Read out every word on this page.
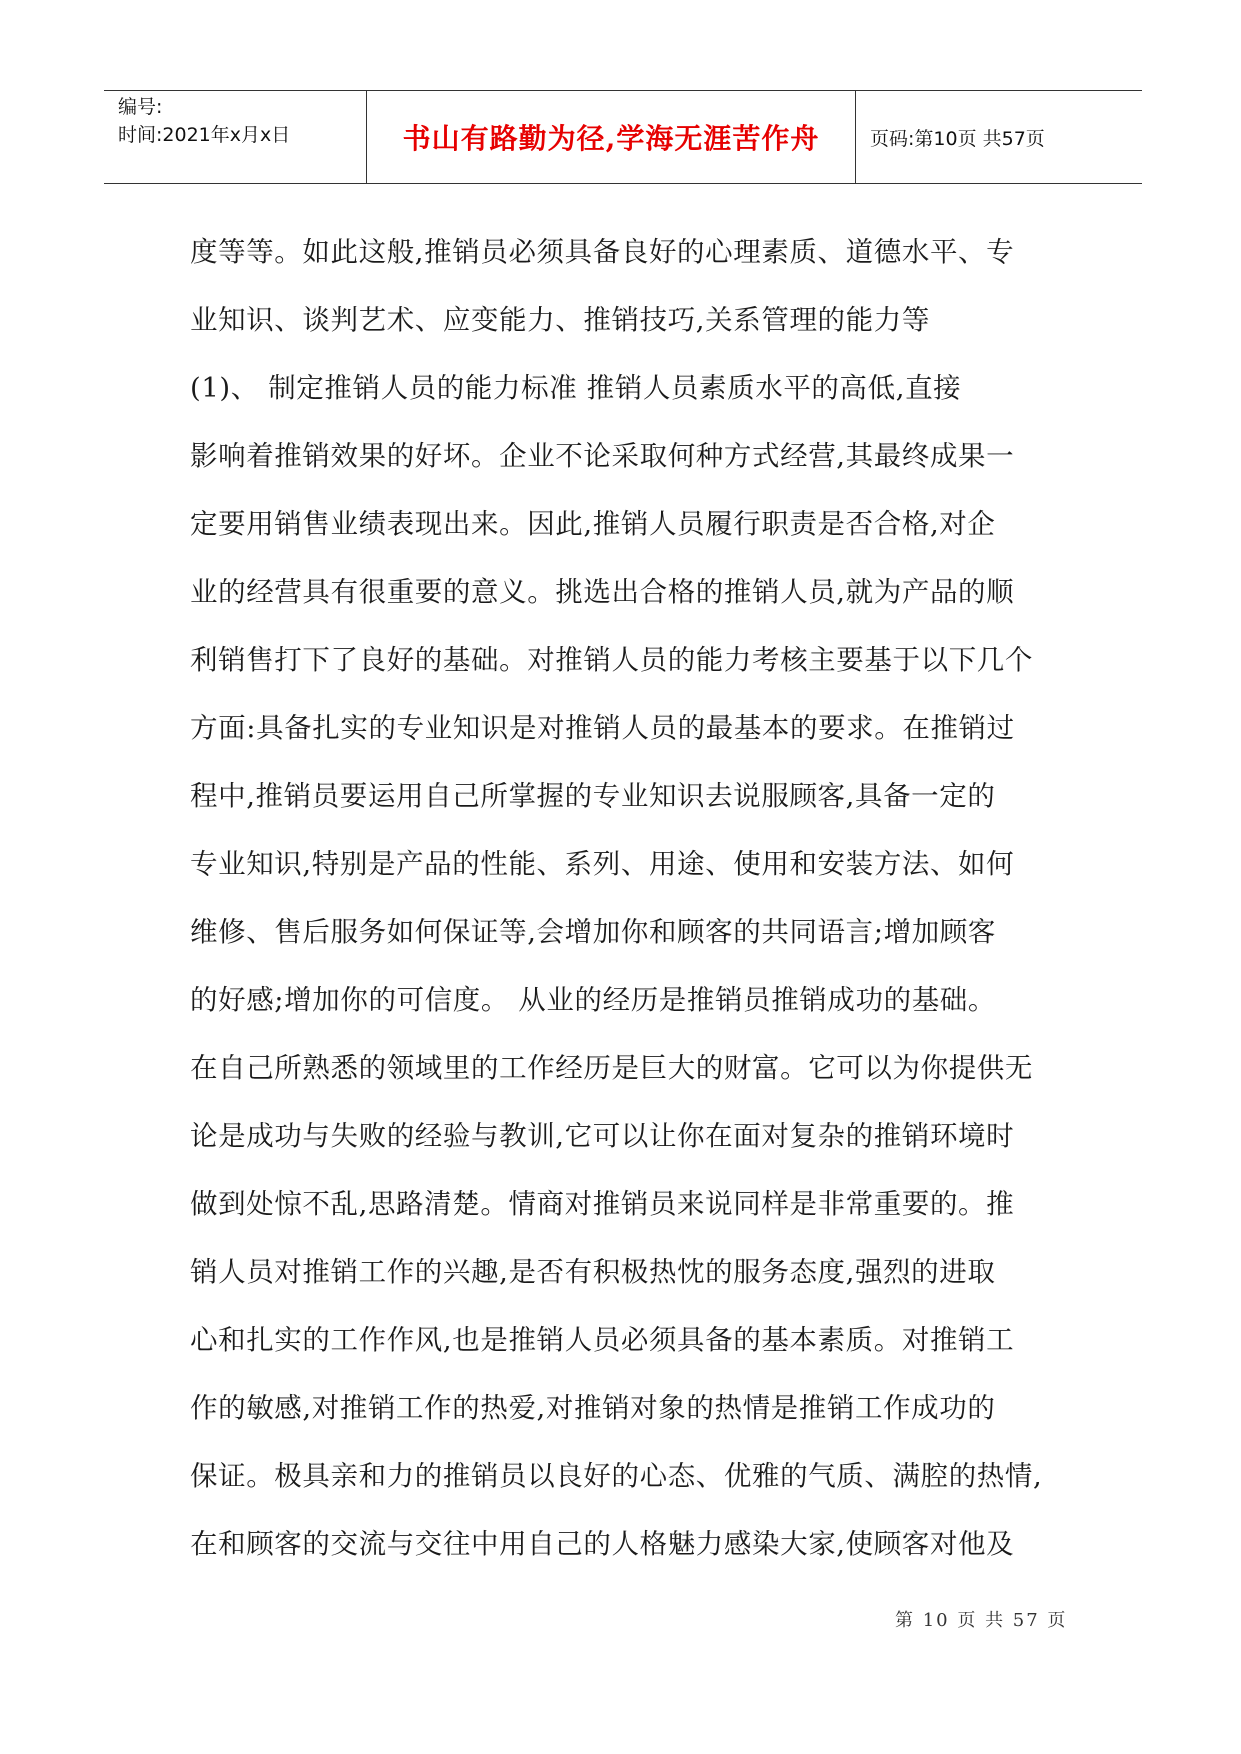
编号:
时间:2021年x月x日	书山有路勤为径,学海无涯苦作舟	页码:第10页 共57页
度等等。如此这般,推销员必须具备良好的心理素质、道德水平、专
业知识、谈判艺术、应变能力、推销技巧,关系管理的能力等
(1)、 制定推销人员的能力标准 推销人员素质水平的高低,直接
影响着推销效果的好坏。企业不论采取何种方式经营,其最终成果一
定要用销售业绩表现出来。因此,推销人员履行职责是否合格,对企
业的经营具有很重要的意义。挑选出合格的推销人员,就为产品的顺
利销售打下了良好的基础。对推销人员的能力考核主要基于以下几个
方面:具备扎实的专业知识是对推销人员的最基本的要求。在推销过
程中,推销员要运用自己所掌握的专业知识去说服顾客,具备一定的
专业知识,特别是产品的性能、系列、用途、使用和安装方法、如何
维修、售后服务如何保证等,会增加你和顾客的共同语言;增加顾客
的好感;增加你的可信度。 从业的经历是推销员推销成功的基础。
在自己所熟悉的领域里的工作经历是巨大的财富。它可以为你提供无
论是成功与失败的经验与教训,它可以让你在面对复杂的推销环境时
做到处惊不乱,思路清楚。情商对推销员来说同样是非常重要的。推
销人员对推销工作的兴趣,是否有积极热忱的服务态度,强烈的进取
心和扎实的工作作风,也是推销人员必须具备的基本素质。对推销工
作的敏感,对推销工作的热爱,对推销对象的热情是推销工作成功的
保证。极具亲和力的推销员以良好的心态、优雅的气质、满腔的热情,
在和顾客的交流与交往中用自己的人格魅力感染大家,使顾客对他及
第 10 页 共 57 页
